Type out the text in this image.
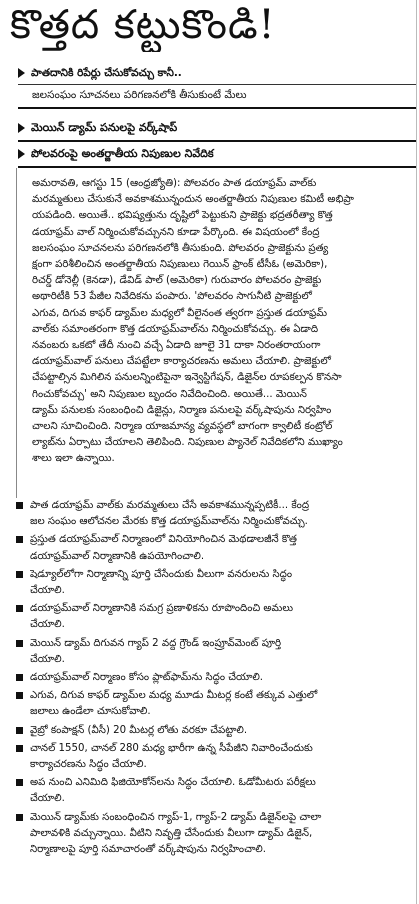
కొత్తద కట్టుకొండి!
పాతదానికి రిపేర్లు చేసుకోవచ్చు కానీ..
జలసంఘం సూచనలు పరిగణనలోకి తీసుకుంటే మేలు
మెయిన్ డ్యామ్ పనులపై వర్క్‌షాప్
పోలవరంపై అంతర్జాతీయ నిపుణుల నివేదిక

అమరావతి, ఆగస్టు 15 (ఆంధ్రజ్యోతి): పోలవరం పాత డయాఫ్రమ్ వాల్‌కు

మరమ్మతులు చేసుకునే అవకాశమున్నందున అంతర్జాతీయ నిపుణుల కమిటీ అభిప్రా

యపడింది. అయితే.. భవిష్యత్తును దృష్టిలో పెట్టుకుని ప్రాజెక్టు భద్రతరీత్యా కొత్త

డయాఫ్రమ్ వాల్ నిర్మించుకోవచ్చునని కూడా పేర్కొంది. ఈ విషయంలో కేంద్ర

జలసంఘం సూచనలను పరిగణనలోకి తీసుకుంది. పోలవరం ప్రాజెక్టును ప్రత్య

క్షంగా పరిశీలించిన అంతర్జాతీయ నిపుణులు గెయిన్ ఫ్రాంక్ టీసీఓ (అమెరికా),

రిచర్డ్ డోనెల్లీ (కెనడా), డేవిడ్ పాల్ (అమెరికా) గురువారం పోలవరం ప్రాజెక్టు

అథారిటీకి 53 పేజీల నివేదికను పంపారు. 'పోలవరం సాగునీటి ప్రాజెక్టులో

ఎగువ, దిగువ కాఫర్ డ్యామ్‌ల మధ్యలో వీలైనంత త్వరగా ప్రస్తుత డయాఫ్రమ్

వాల్‌కు సమాంతరంగా కొత్త డయాఫ్రమ్‌వాల్‌ను నిర్మించుకోవచ్చు. ఈ ఏడాది

నవంబరు ఒకటో తేదీ నుంచి వచ్చే ఏడాది జూలై 31 దాకా నిరంతరాయంగా

డయాఫ్రమ్‌వాల్ పనులు చేపట్టేలా కార్యాచరణను అమలు చేయాలి. ప్రాజెక్టులో

చేపట్టాల్సిన మిగిలిన పనులన్నింటిపైనా ఇన్వెస్టిగేషన్, డిజైన్‌ల రూపకల్పన కొనసా

గించుకోవచ్చు' అని నిపుణుల బృందం నివేదించింది. అయితే... మెయిన్

డ్యామ్ పనులకు సంబంధించి డిజైన్లు, నిర్మాణ పనులపై వర్క్‌షాపును నిర్వహిం

చాలని సూచించింది. నిర్మాణ యాజమాన్య వ్యవస్థలో బాగంగా క్వాలిటీ కంట్రోల్

ల్యాబ్‌ను ఏర్పాటు చేయాలని తెలిపింది. నిపుణుల ప్యానెల్ నివేదికలోని ముఖ్యాం

శాలు ఇలా ఉన్నాయి.

పాత డయాఫ్రమ్ వాల్‌కు మరమ్మతులు చేసే అవకాశమున్నప్పటికీ... కేంద్ర
జల సంఘం ఆలోచనల మేరకు కొత్త డయాఫ్రమ్‌వాల్‌ను నిర్మించుకోవచ్చు.
ప్రస్తుత డయాఫ్రమ్‌వాల్ నిర్మాణంలో వినియోగించిన మెథడాలజీనే కొత్త
డయాఫ్రమ్‌వాల్ నిర్మాణానికి ఉపయోగించాలి.
షెడ్యూల్‌లోగా నిర్మాణాన్ని పూర్తి చేసేందుకు వీలుగా వనరులను సిద్ధం
చేయాలి.
డయాఫ్రమ్‌వాల్ నిర్మాణానికి సమగ్ర ప్రణాళికను రూపొందించి అమలు
చేయాలి.
మెయిన్ డ్యామ్ దిగువన గ్యాప్ 2 వద్ద గ్రౌండ్ ఇంప్రూవ్‌మెంట్ పూర్తి
చేయాలి.
డయాఫ్రమ్‌వాల్ నిర్మాణం కోసం ప్లాట్‌ఫామ్‌ను సిద్ధం చేయాలి.
ఎగువ, దిగువ కాఫర్ డ్యామ్‌ల మధ్య మూడు మీటర్ల కంటే తక్కువ ఎత్తులో
జలాలు ఉండేలా చూసుకోవాలి.
వైబ్రో కంపాక్షన్ (వీసీ) 20 మీటర్ల లోతు వరకూ చేపట్టాలి.
చానల్ 1550, చానల్ 280 మధ్య భారీగా ఉన్న సీపేజీని నివారించేందుకు
కార్యాచరణను సిద్ధం చేయాలి.
అప నుంచి ఎనిమిది ఫిజియోకోన్‌లను సిద్ధం చేయాలి. ఓడోమీటరు పరీక్షలు
చేయాలి.
మెయిన్ డ్యామ్‌కు సంబంధించిన గ్యాప్-1, గ్యాప్-2 డ్యామ్ డిజైన్‌లపై చాలా
పాలావళికి వచ్చున్నాయి. వీటిని నివృత్తి చేసేందుకు వీలుగా డ్యామ్ డిజైన్,
నిర్మాణాలపై పూర్తి సమాచారంతో వర్క్‌షాపును నిర్వహించాలి.
